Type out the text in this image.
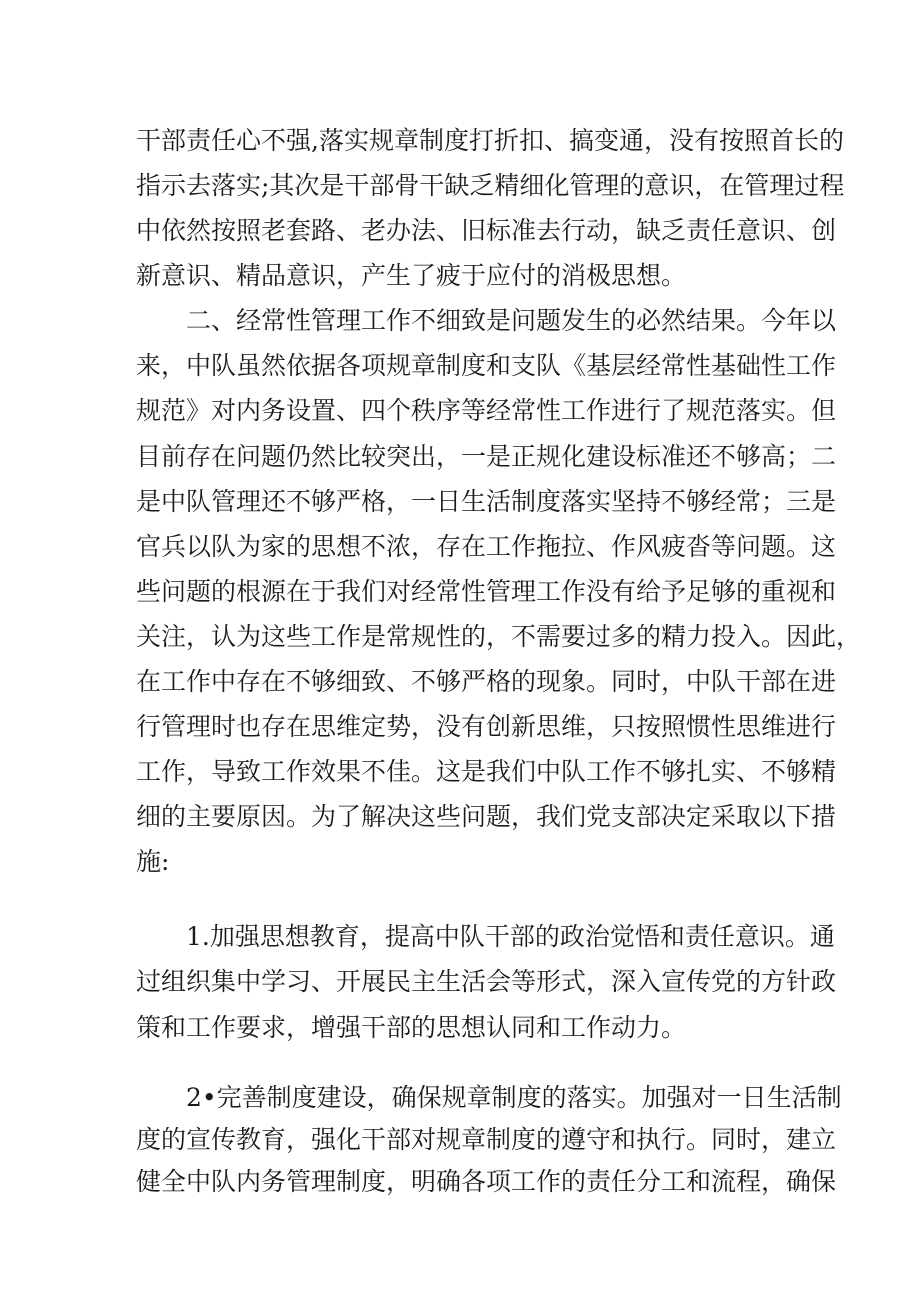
干部责任心不强,落实规章制度打折扣、搞变通，没有按照首长的
指示去落实;其次是干部骨干缺乏精细化管理的意识，在管理过程
中依然按照老套路、老办法、旧标准去行动，缺乏责任意识、创
新意识、精品意识，产生了疲于应付的消极思想。
二、经常性管理工作不细致是问题发生的必然结果。今年以
来，中队虽然依据各项规章制度和支队《基层经常性基础性工作
规范》对内务设置、四个秩序等经常性工作进行了规范落实。但
目前存在问题仍然比较突出，一是正规化建设标准还不够高；二
是中队管理还不够严格，一日生活制度落实坚持不够经常；三是
官兵以队为家的思想不浓，存在工作拖拉、作风疲沓等问题。这
些问题的根源在于我们对经常性管理工作没有给予足够的重视和
关注，认为这些工作是常规性的，不需要过多的精力投入。因此，
在工作中存在不够细致、不够严格的现象。同时，中队干部在进
行管理时也存在思维定势，没有创新思维，只按照惯性思维进行
工作，导致工作效果不佳。这是我们中队工作不够扎实、不够精
细的主要原因。为了解决这些问题，我们党支部决定采取以下措
施:
1.加强思想教育，提高中队干部的政治觉悟和责任意识。通
过组织集中学习、开展民主生活会等形式，深入宣传党的方针政
策和工作要求，增强干部的思想认同和工作动力。
2•完善制度建设，确保规章制度的落实。加强对一日生活制
度的宣传教育，强化干部对规章制度的遵守和执行。同时，建立
健全中队内务管理制度，明确各项工作的责任分工和流程，确保
